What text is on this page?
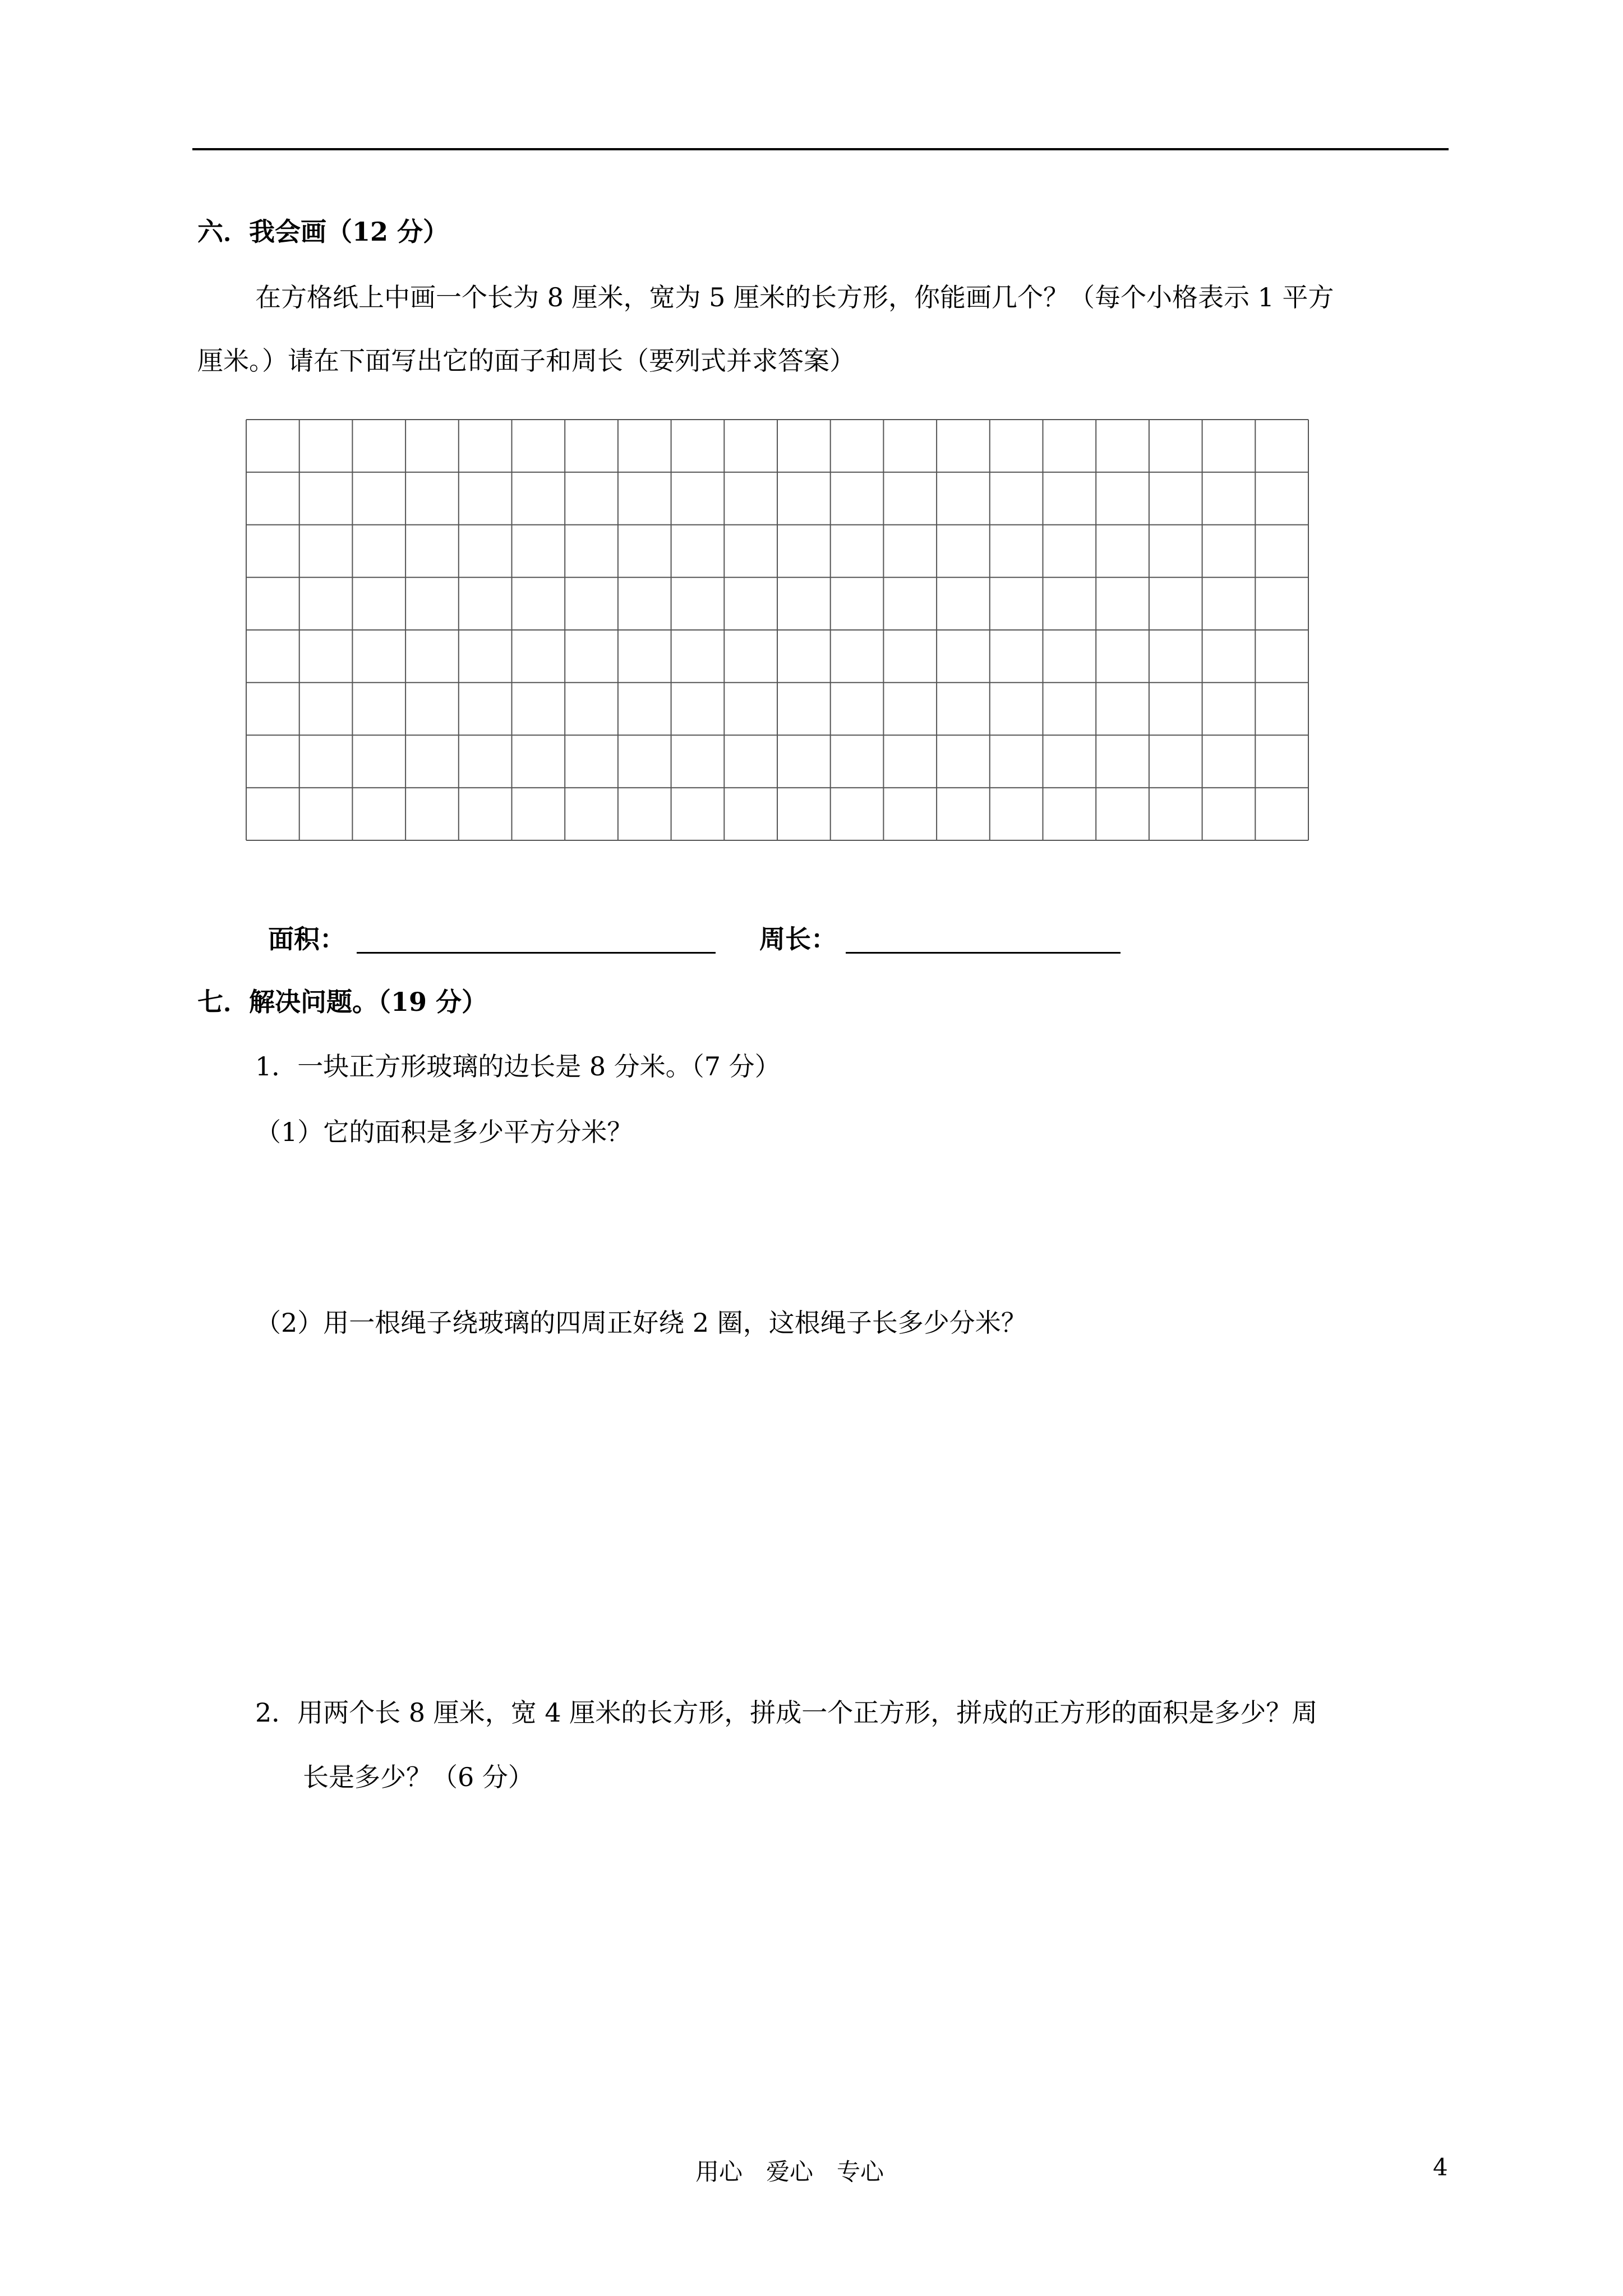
六．我会画（12 分）
在方格纸上中画一个长为 8 厘米，宽为 5 厘米的长方形，你能画几个？（每个小格表示 1 平方
厘米。）请在下面写出它的面子和周长（要列式并求答案）
面积：	周长：
七．解决问题。（19 分）
1．一块正方形玻璃的边长是 8 分米。（7 分）
（1）它的面积是多少平方分米？
（2）用一根绳子绕玻璃的四周正好绕 2 圈，这根绳子长多少分米？
2．用两个长 8 厘米，宽 4 厘米的长方形，拼成一个正方形，拼成的正方形的面积是多少？周
长是多少？（6 分）
用心　爱心　专心	4
